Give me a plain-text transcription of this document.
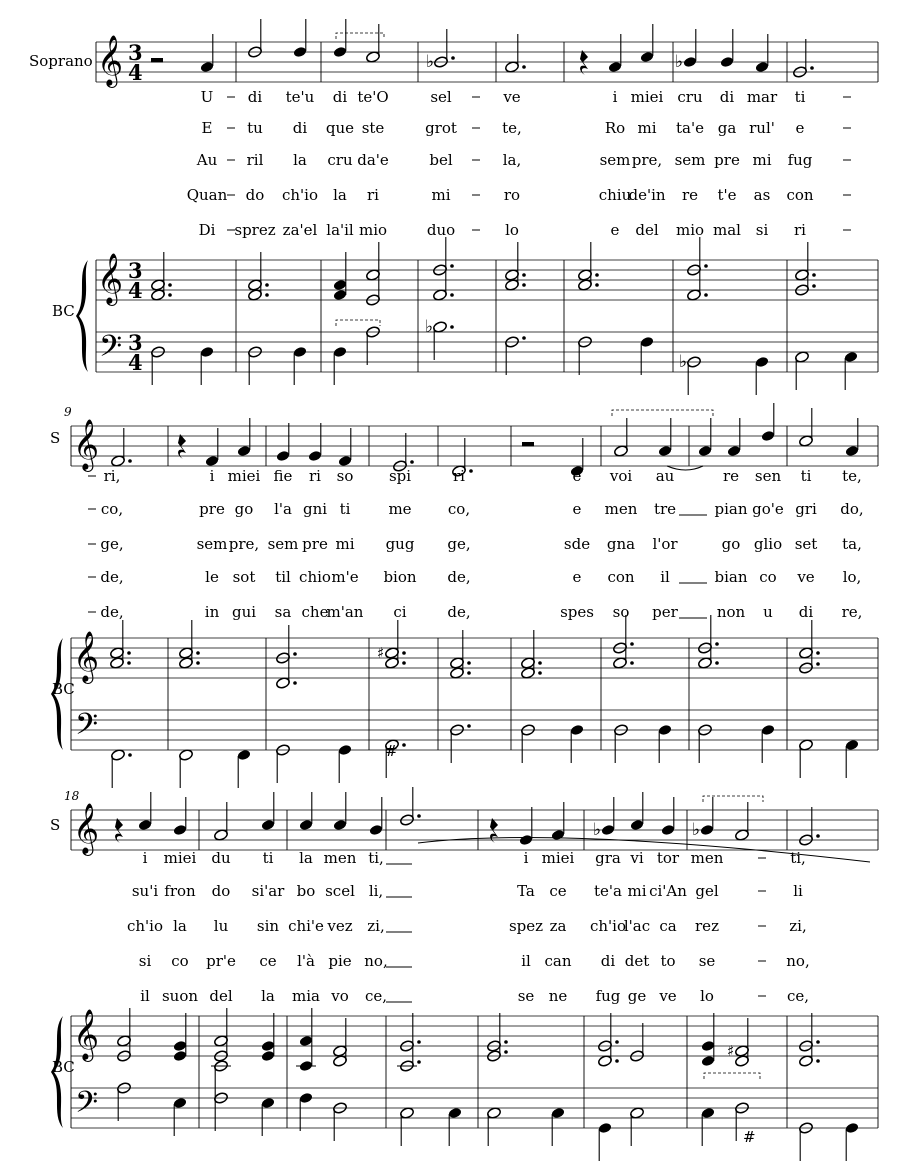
Soprano
BC
S
BC
S
BC
9
18
#
#
𝄞
𝄞
𝄢
3
4
3
4
3
4
♭	♭
♭
♭
U di te'u di te'O	sel	ve	i miei cru di mar ti
E tu di que ste	grot	te,	Ro mi ta'e ga rul' e
Au ril la cru da'e	bel	la,	sem pre, sem pre mi fug
Quan do ch'io la ri	mi	ro	chiu
de'in re t'e as con
Di sprez za'el la'il mio	duo	lo	e del mio mal si ri
𝄞
𝄞
𝄢
♯
ri,	i miei fie ri so spi	ri	e voi au	re sen ti te,
co,	pre go l'a gni ti	me co,	e men tre	pian go'e gri do,
ge,	sem pre, sem pre mi gug ge,	sde gna l'or	go glio set ta,
de,	le sot til chio m'e bion de,	e con il	bian co ve lo,
de,	in gui sa che
m'an ci	de,	spes so per	non u di re,
𝄞
𝄞
𝄢
♭	♭
♯
i miei du ti la men ti,	i miei gra vi tor men	ti,
su'i fron do si'ar bo scel li,	Ta ce te'a mi ci'An gel	li
ch'io la lu sin chi'e vez zi,	spez za ch'io
l'ac ca rez	zi,
si co pr'e ce l'à pie no,	il can di det to se	no,
il suon del la mia vo ce,	se ne fug ge ve lo	ce,
